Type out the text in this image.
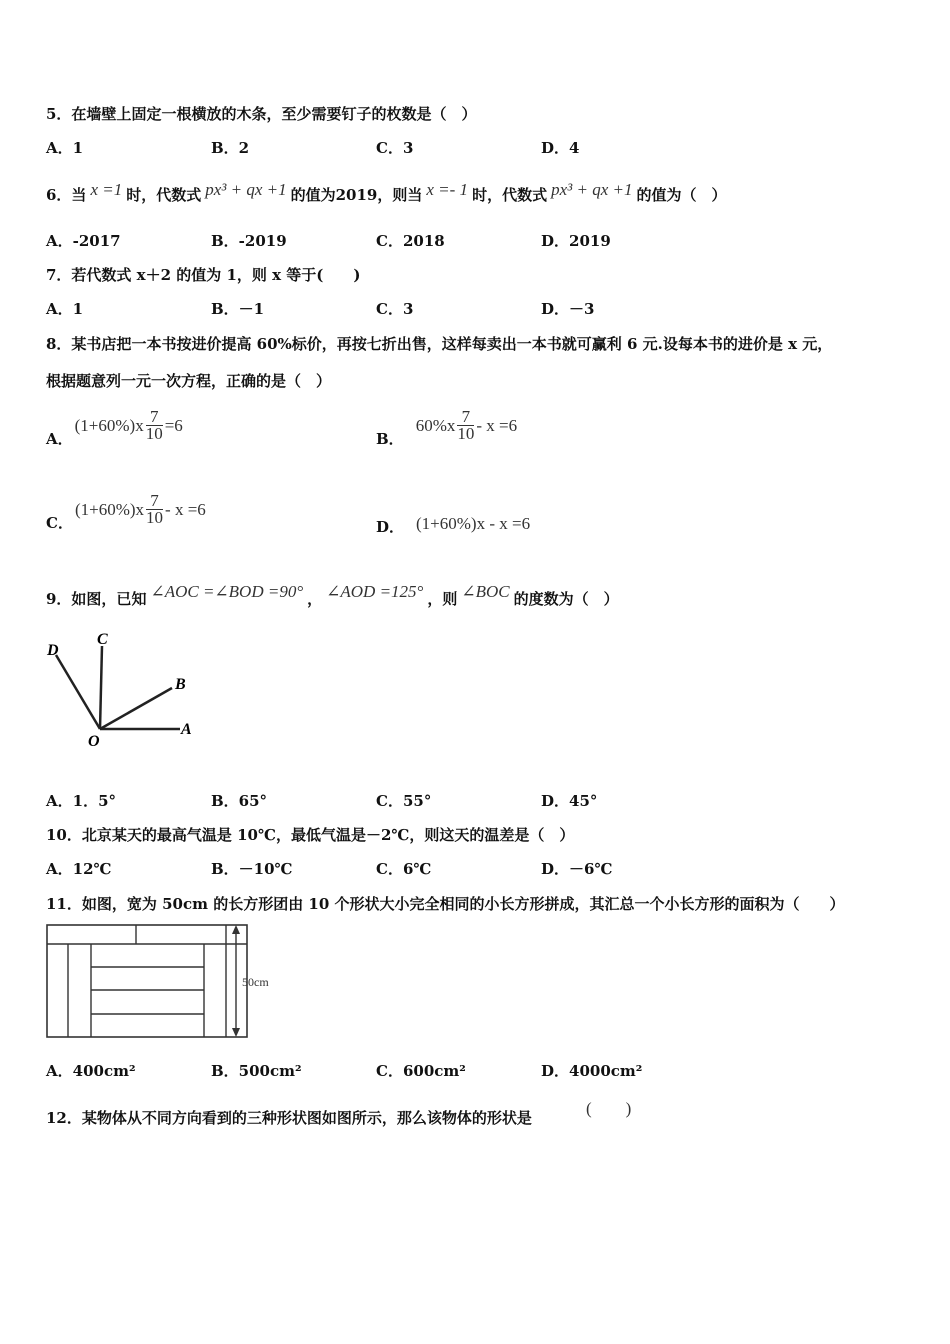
5．在墙壁上固定一根横放的木条，至少需要钉子的枚数是（　）
A．1	B．2	C．3	D．4
6．当 x =1 时，代数式 px³ + qx +1 的值为2019，则当 x =- 1 时，代数式 px³ + qx +1 的值为（　）
A．-2017	B．-2019	C．2018	D．2019
7．若代数式 x＋2 的值为 1，则 x 等于(　　)
A．1	B．－1	C．3	D．－3
8．某书店把一本书按进价提高 60%标价，再按七折出售，这样每卖出一本书就可赢利 6 元.设每本书的进价是 x 元，
根据题意列一元一次方程，正确的是（　）
A．
$(1+60\%)x \frac{7}{10} =6$
B．
$60\%x \frac{7}{10} - x =6$
C．
$(1+60\%)x \frac{7}{10} - x =6$
D． (1+60%)x - x =6
9．如图，已知 ∠AOC =∠BOD =90° ， ∠AOD =125° ，则 ∠BOC 的度数为（　）
D
C
B
O
A
A．1．5°	B．65°	C．55°	D．45°
10．北京某天的最高气温是 10℃，最低气温是－2℃，则这天的温差是（　）
A．12℃	B．－10℃	C．6℃	D．－6℃
11．如图，宽为 50cm 的长方形团由 10 个形状大小完全相同的小长方形拼成，其汇总一个小长方形的面积为（　　）
50cm
A．400cm²	B．500cm²	C．600cm²	D．4000cm²
12．某物体从不同方向看到的三种形状图如图所示，那么该物体的形状是	(　　)
